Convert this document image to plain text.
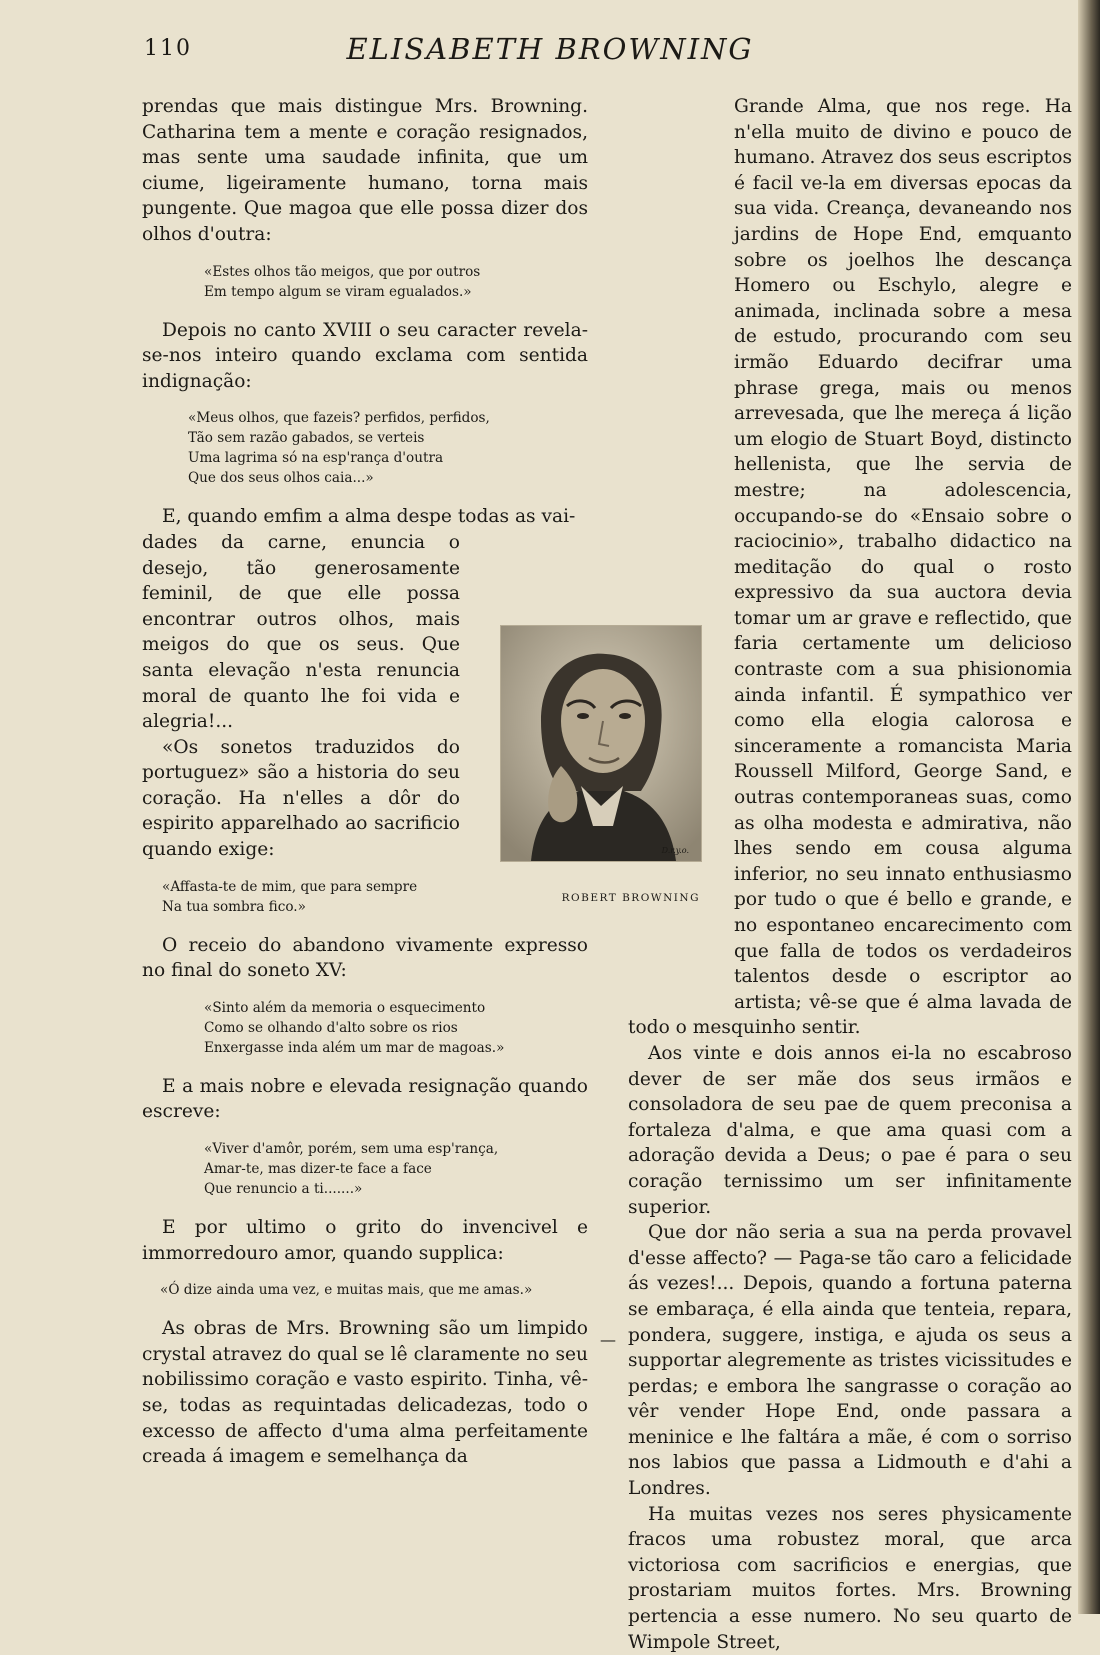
110	ELISABETH BROWNING

prendas que mais distingue Mrs. Browning. Catharina tem a mente e coração resignados, mas sente uma saudade infinita, que um ciume, ligeiramente humano, torna mais pungente. Que magoa que elle possa dizer dos olhos d'outra:

«Estes olhos tão meigos, que por outros
Em tempo algum se viram egualados.»

Depois no canto XVIII o seu caracter revela-se-nos inteiro quando exclama com sentida indignação:

«Meus olhos, que fazeis? perfidos, perfidos,
Tão sem razão gabados, se verteis
Uma lagrima só na esp'rança d'outra
Que dos seus olhos caia...»

E, quando emfim a alma despe todas as vai-

dades da carne, enuncia o desejo, tão generosamente feminil, de que elle possa encontrar outros olhos, mais meigos do que os seus. Que santa elevação n'esta renuncia moral de quanto lhe foi vida e alegria!...

«Os sonetos traduzidos do portuguez» são a historia do seu coração. Ha n'elles a dôr do espirito apparelhado ao sacrificio quando exige:

«Affasta-te de mim, que para sempre
Na tua sombra fico.»

O receio do abandono vivamente expresso no final do soneto XV:

«Sinto além da memoria o esquecimento
Como se olhando d'alto sobre os rios
Enxergasse inda além um mar de magoas.»

E a mais nobre e elevada resignação quando escreve:

«Viver d'amôr, porém, sem uma esp'rança,
Amar-te, mas dizer-te face a face
Que renuncio a ti.......»

E por ultimo o grito do invencivel e immorredouro amor, quando supplica:

«Ó dize ainda uma vez, e muitas mais, que me amas.»

As obras de Mrs. Browning são um limpido crystal atravez do qual se lê claramente no seu nobilissimo coração e vasto espirito. Tinha, vê-se, todas as requintadas delicadezas, todo o excesso de affecto d'uma alma perfeitamente creada á imagem e semelhança da

D.r.y.o.
ROBERT BROWNING

Grande Alma, que nos rege. Ha n'ella muito de divino e pouco de humano. Atravez dos seus escriptos é facil ve-la em diversas epocas da sua vida. Creança, devaneando nos jardins de Hope End, emquanto sobre os joelhos lhe descança Homero ou Eschylo, alegre e animada, inclinada sobre a mesa de estudo, procurando com seu irmão Eduardo decifrar uma phrase grega, mais ou menos arrevesada, que lhe mereça á lição um elogio de Stuart Boyd, distincto hellenista, que lhe servia de mestre; na adolescencia, occupando-se do «Ensaio sobre o raciocinio», trabalho didactico na meditação do qual o rosto expressivo da sua auctora devia tomar um ar grave e reflectido, que faria certamente um delicioso contraste com a sua phisionomia ainda infantil. É sympathico ver como ella elogia calorosa e sinceramente a romancista Maria Roussell Milford, George Sand, e outras contemporaneas suas, como as olha modesta e admirativa, não lhes sendo em cousa alguma inferior, no seu innato enthusiasmo por tudo o que é bello e grande, e no espontaneo encarecimento com que falla de todos os verdadeiros talentos desde o escriptor ao artista; vê-se que é alma lavada de todo o mesquinho sentir.

Aos vinte e dois annos ei-la no escabroso dever de ser mãe dos seus irmãos e consoladora de seu pae de quem preconisa a fortaleza d'alma, e que ama quasi com a adoração devida a Deus; o pae é para o seu coração ternissimo um ser infinitamente superior.

Que dor não seria a sua na perda provavel d'esse affecto? — Paga-se tão caro a felicidade ás vezes!... Depois, quando a fortuna paterna se embaraça, é ella ainda que tenteia, repara, pondera, suggere, instiga, e ajuda os seus a supportar alegremente as tristes vicissitudes e perdas; e embora lhe sangrasse o coração ao vêr vender Hope End, onde passara a meninice e lhe faltára a mãe, é com o sorriso nos labios que passa a Lidmouth e d'ahi a Londres.

Ha muitas vezes nos seres physicamente fracos uma robustez moral, que arca victoriosa com sacrificios e energias, que prostariam muitos fortes. Mrs. Browning pertencia a esse numero. No seu quarto de Wimpole Street,

—
